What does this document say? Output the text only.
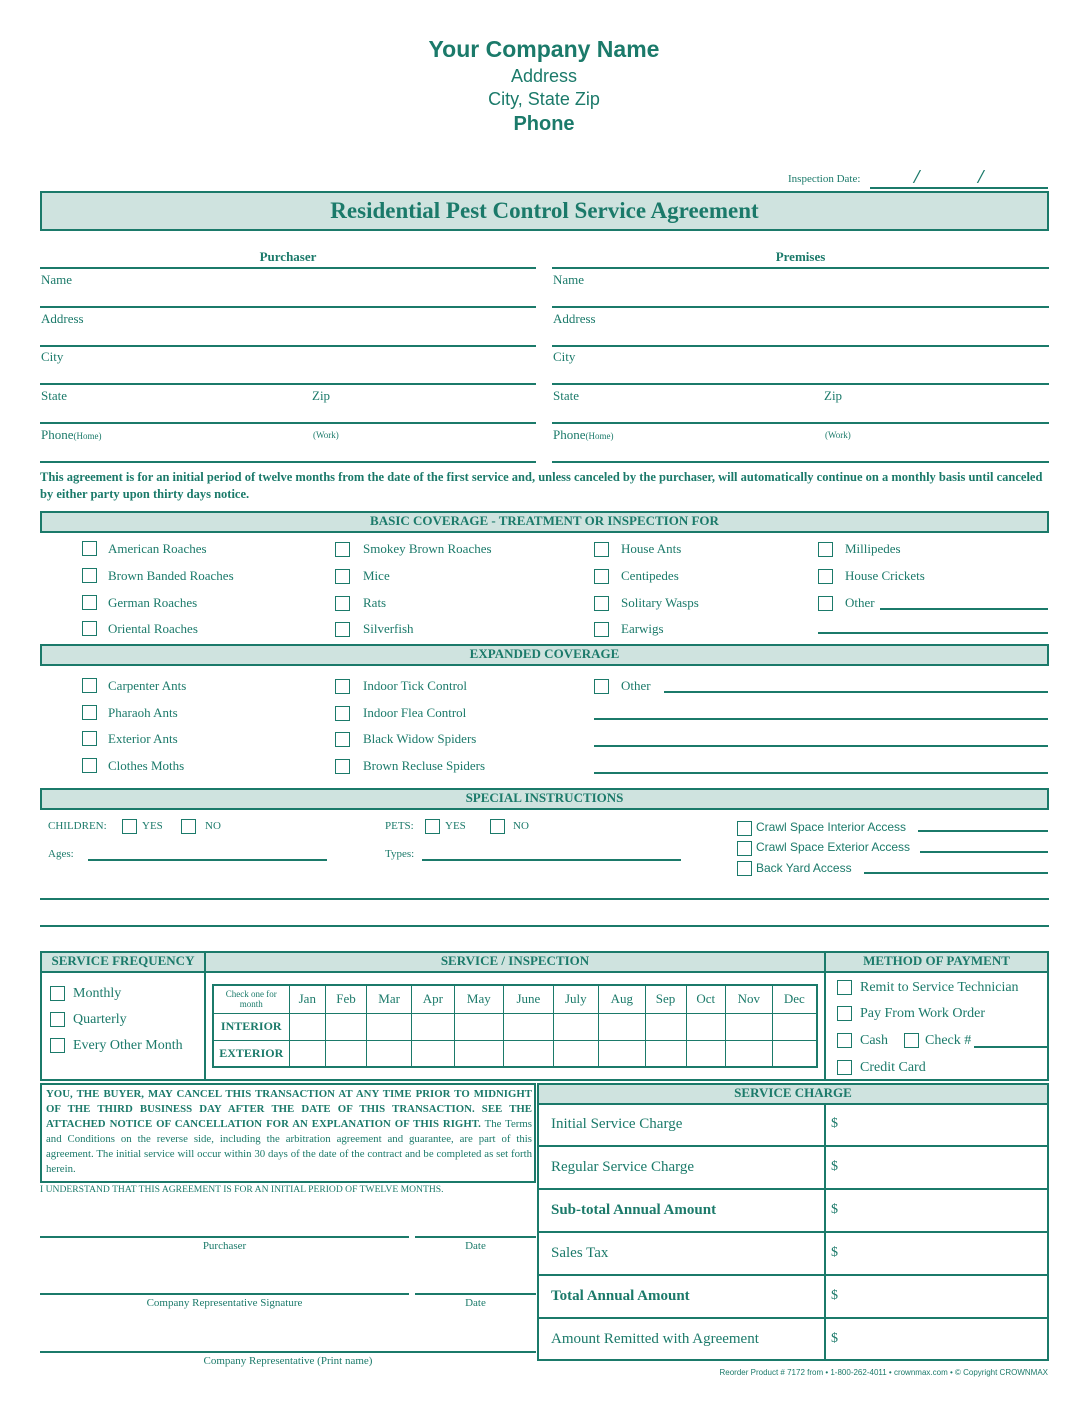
Your Company Name
Address
City, State Zip
Phone
Inspection Date:	/	/
Residential Pest Control Service Agreement
Purchaser	Premises
Name
Address
City
State	Zip
Phone(Home)	(Work)
Name
Address
City
State	Zip
Phone(Home)	(Work)
This agreement is for an initial period of twelve months from the date of the first service and, unless canceled by the purchaser, will automatically continue on a monthly basis until canceled by either party upon thirty days notice.
BASIC COVERAGE - TREATMENT OR INSPECTION FOR
American Roaches
Brown Banded Roaches
German Roaches
Oriental Roaches
Smokey Brown Roaches
Mice
Rats
Silverfish
House Ants
Centipedes
Solitary Wasps
Earwigs
Millipedes
House Crickets
Other
EXPANDED COVERAGE
Carpenter Ants
Pharaoh Ants
Exterior Ants
Clothes Moths
Indoor Tick Control
Indoor Flea Control
Black Widow Spiders
Brown Recluse Spiders
Other
SPECIAL INSTRUCTIONS
CHILDREN:	YES	NO	PETS:	YES	NO
Ages:	Types:
Crawl Space Interior Access
Crawl Space Exterior Access
Back Yard Access
SERVICE FREQUENCY	SERVICE / INSPECTION	METHOD OF PAYMENT
Monthly
Quarterly
Every Other Month
Check one for month	Jan	Feb	Mar	Apr	May	June	July	Aug	Sep	Oct	Nov	Dec
INTERIOR												
EXTERIOR												
Remit to Service Technician
Pay From Work Order
Cash	Check #
Credit Card
YOU, THE BUYER, MAY CANCEL THIS TRANSACTION AT ANY TIME PRIOR TO MIDNIGHT OF THE THIRD BUSINESS DAY AFTER THE DATE OF THIS TRANSACTION. SEE THE ATTACHED NOTICE OF CANCELLATION FOR AN EXPLANATION OF THIS RIGHT. The Terms and Conditions on the reverse side, including the arbitration agreement and guarantee, are part of this agreement. The initial service will occur within 30 days of the date of the contract and be completed as set forth herein.
I UNDERSTAND THAT THIS AGREEMENT IS FOR AN INITIAL PERIOD OF TWELVE MONTHS.
Purchaser	Date
Company Representative Signature	Date
Company Representative (Print name)
SERVICE CHARGE
Initial Service Charge	$
Regular Service Charge	$
Sub-total Annual Amount	$
Sales Tax	$
Total Annual Amount	$
Amount Remitted with Agreement	$
Reorder Product # 7172 from • 1-800-262-4011 • crownmax.com • © Copyright CROWNMAX
